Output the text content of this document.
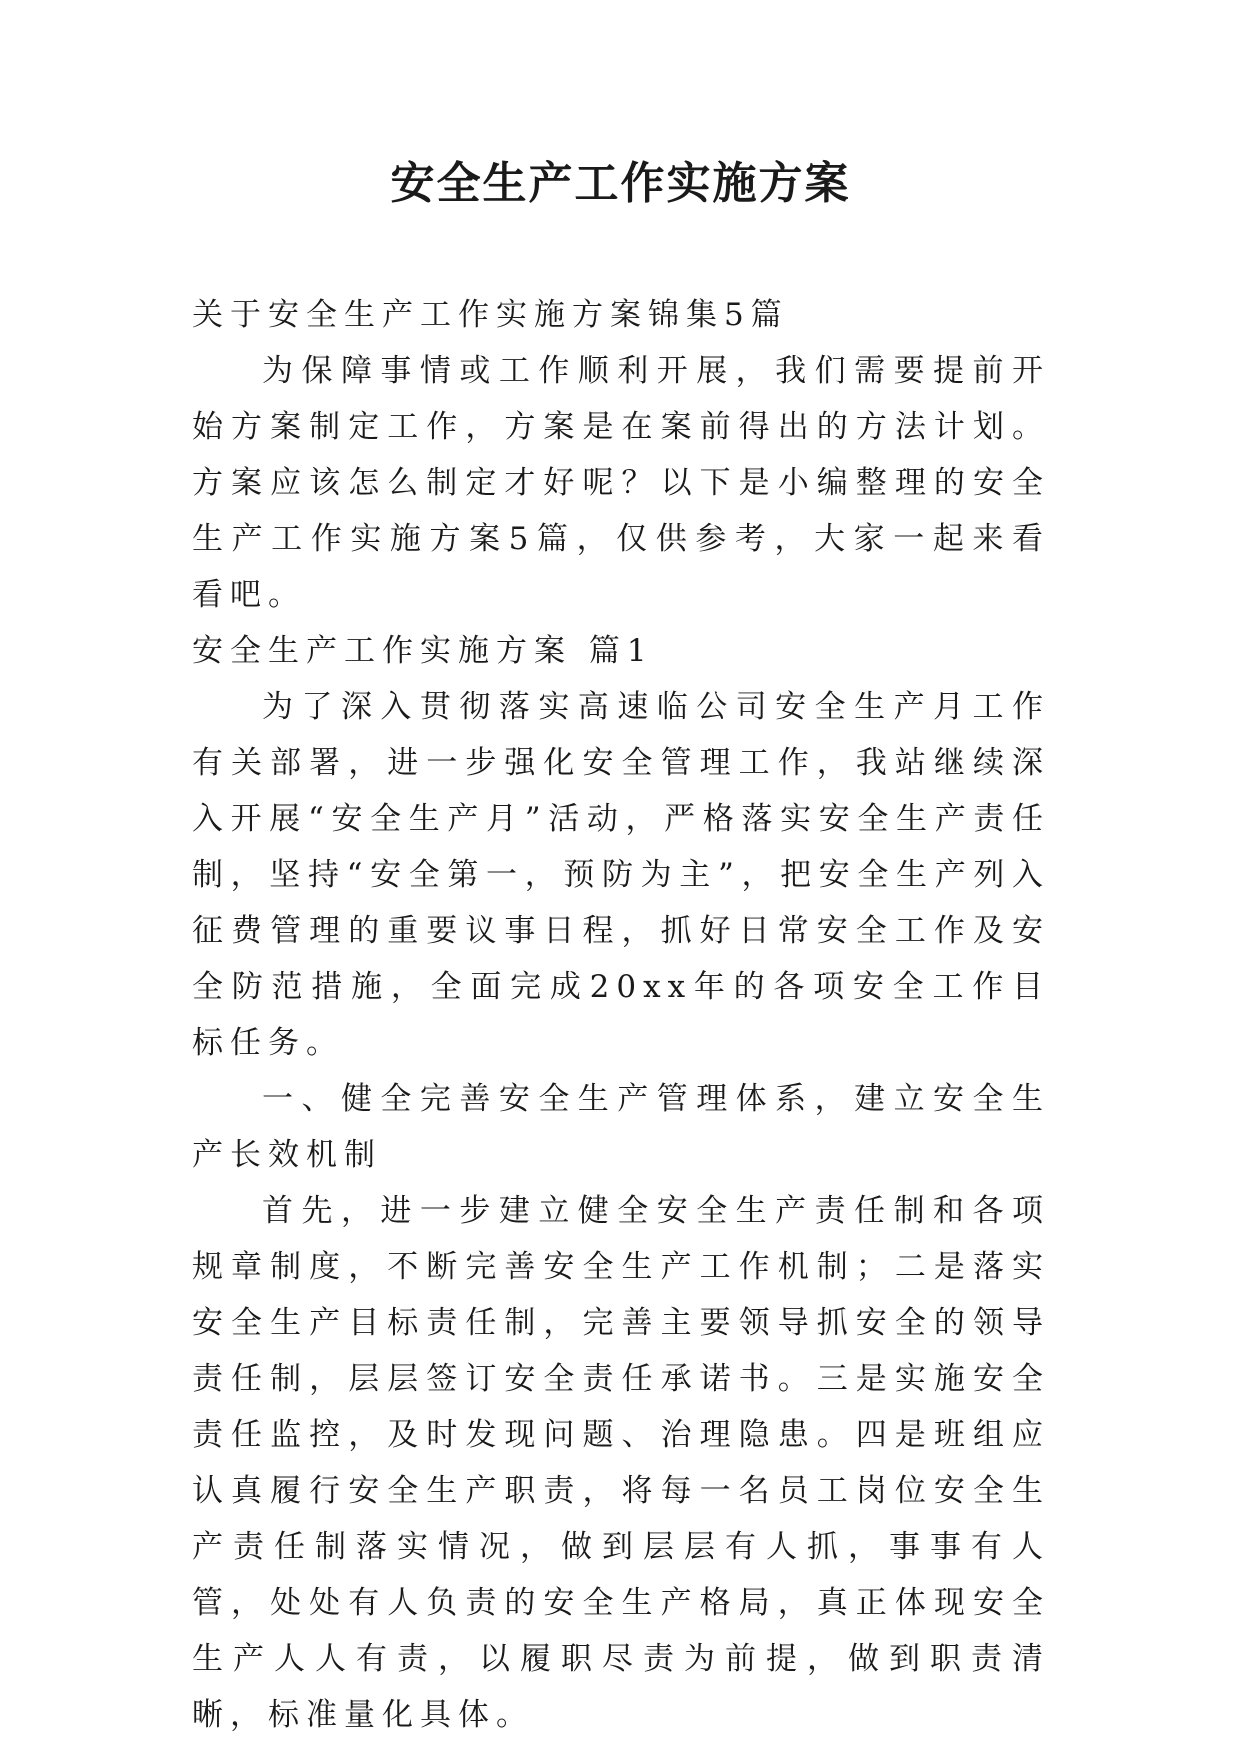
安全生产工作实施方案

关于安全生产工作实施方案锦集5篇

为保障事情或工作顺利开展，我们需要提前开始方案制定工作，方案是在案前得出的方法计划。方案应该怎么制定才好呢？以下是小编整理的安全生产工作实施方案5篇，仅供参考，大家一起来看看吧。

安全生产工作实施方案 篇1

为了深入贯彻落实高速临公司安全生产月工作有关部署，进一步强化安全管理工作，我站继续深入开展“安全生产月”活动，严格落实安全生产责任制，坚持“安全第一，预防为主”，把安全生产列入征费管理的重要议事日程，抓好日常安全工作及安全防范措施，全面完成20xx年的各项安全工作目标任务。

一、健全完善安全生产管理体系，建立安全生产长效机制

首先，进一步建立健全安全生产责任制和各项规章制度，不断完善安全生产工作机制；二是落实安全生产目标责任制，完善主要领导抓安全的领导责任制，层层签订安全责任承诺书。三是实施安全责任监控，及时发现问题、治理隐患。四是班组应认真履行安全生产职责，将每一名员工岗位安全生产责任制落实情况，做到层层有人抓，事事有人管，处处有人负责的安全生产格局，真正体现安全生产人人有责，以履职尽责为前提，做到职责清晰，标准量化具体。
